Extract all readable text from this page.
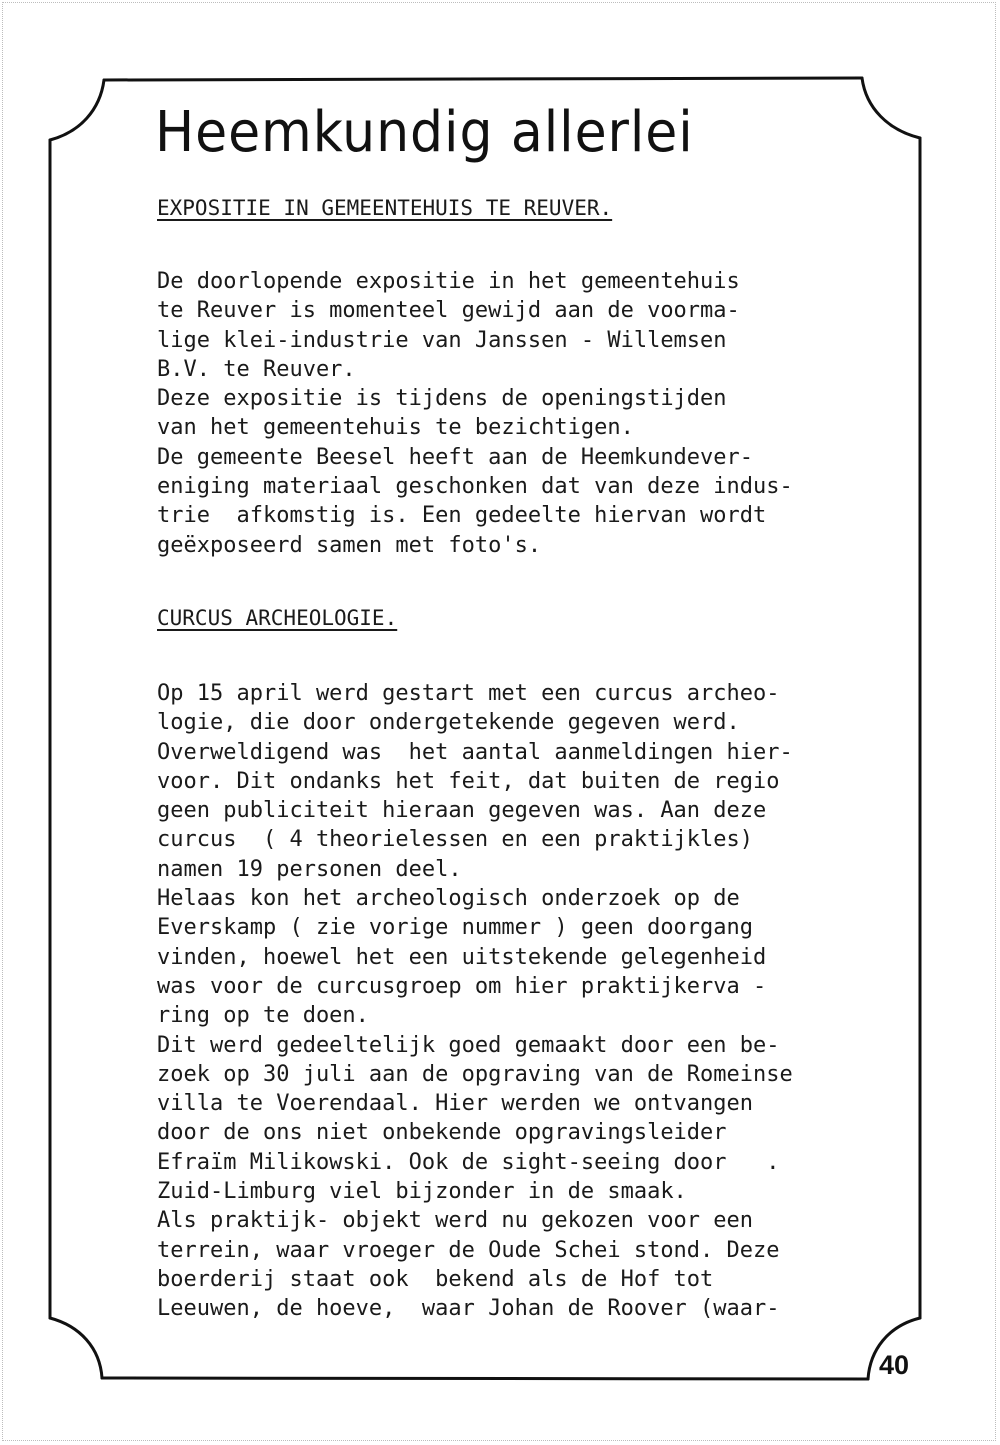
Heemkundig allerlei
EXPOSITIE IN GEMEENTEHUIS TE REUVER.
De doorlopende expositie in het gemeentehuis
te Reuver is momenteel gewijd aan de voorma-
lige klei-industrie van Janssen - Willemsen
B.V. te Reuver.
Deze expositie is tijdens de openingstijden
van het gemeentehuis te bezichtigen.
De gemeente Beesel heeft aan de Heemkundever-
eniging materiaal geschonken dat van deze indus-
trie  afkomstig is. Een gedeelte hiervan wordt
geëxposeerd samen met foto's.
CURCUS ARCHEOLOGIE.
Op 15 april werd gestart met een curcus archeo-
logie, die door ondergetekende gegeven werd.
Overweldigend was  het aantal aanmeldingen hier-
voor. Dit ondanks het feit, dat buiten de regio
geen publiciteit hieraan gegeven was. Aan deze
curcus  ( 4 theorielessen en een praktijkles)
namen 19 personen deel.
Helaas kon het archeologisch onderzoek op de
Everskamp ( zie vorige nummer ) geen doorgang
vinden, hoewel het een uitstekende gelegenheid
was voor de curcusgroep om hier praktijkerva -
ring op te doen.
Dit werd gedeeltelijk goed gemaakt door een be-
zoek op 30 juli aan de opgraving van de Romeinse
villa te Voerendaal. Hier werden we ontvangen
door de ons niet onbekende opgravingsleider
Efraïm Milikowski. Ook de sight-seeing door   .
Zuid-Limburg viel bijzonder in de smaak.
Als praktijk- objekt werd nu gekozen voor een
terrein, waar vroeger de Oude Schei stond. Deze
boerderij staat ook  bekend als de Hof tot
Leeuwen, de hoeve,  waar Johan de Roover (waar-
40
